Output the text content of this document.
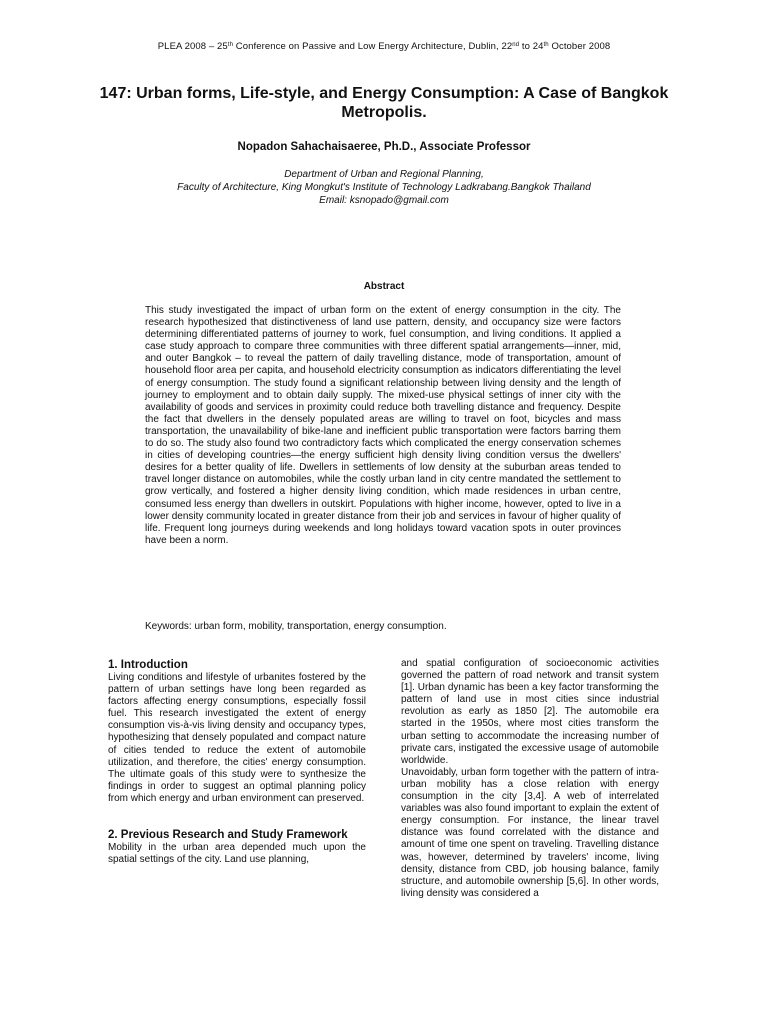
PLEA 2008 – 25th Conference on Passive and Low Energy Architecture, Dublin, 22nd to 24th October 2008
147: Urban forms, Life-style, and Energy Consumption: A Case of Bangkok Metropolis.
Nopadon Sahachaisaeree, Ph.D., Associate Professor
Department of Urban and Regional Planning,
Faculty of Architecture, King Mongkut's Institute of Technology Ladkrabang.Bangkok Thailand
Email: ksnopado@gmail.com
Abstract

This study investigated the impact of urban form on the extent of energy consumption in the city. The research hypothesized that distinctiveness of land use pattern, density, and occupancy size were factors determining differentiated patterns of journey to work, fuel consumption, and living conditions. It applied a case study approach to compare three communities with three different spatial arrangements—inner, mid, and outer Bangkok – to reveal the pattern of daily travelling distance, mode of transportation, amount of household floor area per capita, and household electricity consumption as indicators differentiating the level of energy consumption. The study found a significant relationship between living density and the length of journey to employment and to obtain daily supply. The mixed-use physical settings of inner city with the availability of goods and services in proximity could reduce both travelling distance and frequency. Despite the fact that dwellers in the densely populated areas are willing to travel on foot, bicycles and mass transportation, the unavailability of bike-lane and inefficient public transportation were factors barring them to do so. The study also found two contradictory facts which complicated the energy conservation schemes in cities of developing countries—the energy sufficient high density living condition versus the dwellers' desires for a better quality of life. Dwellers in settlements of low density at the suburban areas tended to travel longer distance on automobiles, while the costly urban land in city centre mandated the settlement to grow vertically, and fostered a higher density living condition, which made residences in urban centre, consumed less energy than dwellers in outskirt. Populations with higher income, however, opted to live in a lower density community located in greater distance from their job and services in favour of higher quality of life. Frequent long journeys during weekends and long holidays toward vacation spots in outer provinces have been a norm.

Keywords: urban form, mobility, transportation, energy consumption.

1. Introduction

Living conditions and lifestyle of urbanites fostered by the pattern of urban settings have long been regarded as factors affecting energy consumptions, especially fossil fuel. This research investigated the extent of energy consumption vis-à-vis living density and occupancy types, hypothesizing that densely populated and compact nature of cities tended to reduce the extent of automobile utilization, and therefore, the cities' energy consumption. The ultimate goals of this study were to synthesize the findings in order to suggest an optimal planning policy from which energy and urban environment can preserved.

2. Previous Research and Study Framework

Mobility in the urban area depended much upon the spatial settings of the city. Land use planning,

and spatial configuration of socioeconomic activities governed the pattern of road network and transit system [1]. Urban dynamic has been a key factor transforming the pattern of land use in most cities since industrial revolution as early as 1850 [2]. The automobile era started in the 1950s, where most cities transform the urban setting to accommodate the increasing number of private cars, instigated the excessive usage of automobile worldwide.

Unavoidably, urban form together with the pattern of intra-urban mobility has a close relation with energy consumption in the city [3,4]. A web of interrelated variables was also found important to explain the extent of energy consumption. For instance, the linear travel distance was found correlated with the distance and amount of time one spent on traveling. Travelling distance was, however, determined by travelers' income, living density, distance from CBD, job housing balance, family structure, and automobile ownership [5,6]. In other words, living density was considered a
